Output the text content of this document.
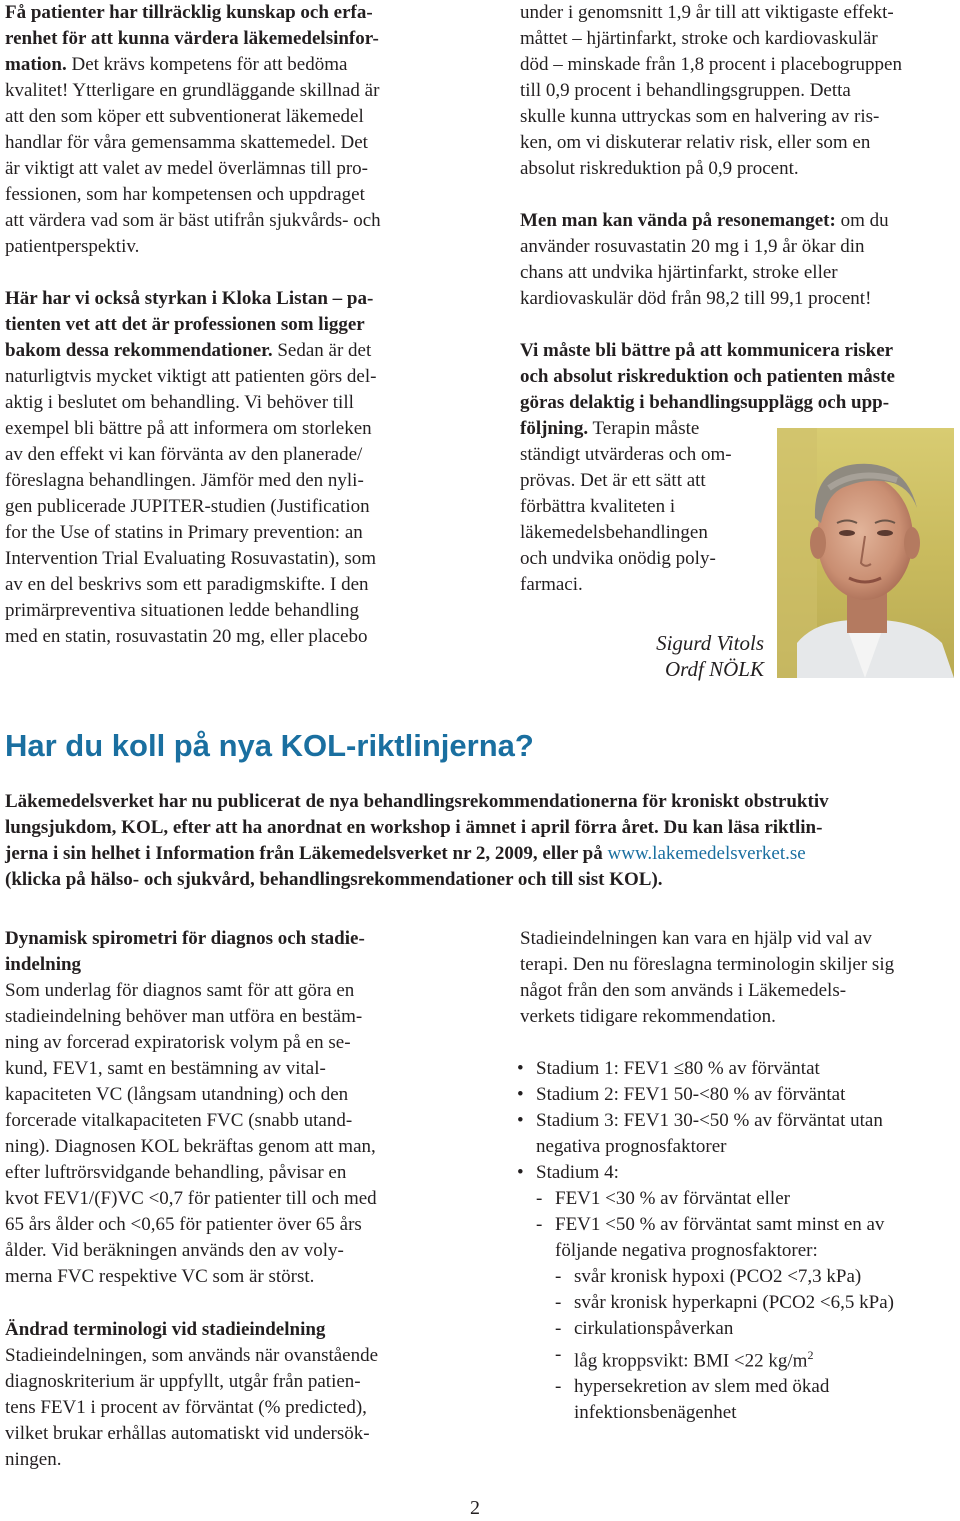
Få patienter har tillräcklig kunskap och erfa-
renhet för att kunna värdera läkemedelsinfor-
mation. Det krävs kompetens för att bedöma
kvalitet! Ytterligare en grundläggande skillnad är
att den som köper ett subventionerat läkemedel
handlar för våra gemensamma skattemedel. Det
är viktigt att valet av medel överlämnas till pro-
fessionen, som har kompetensen och uppdraget
att värdera vad som är bäst utifrån sjukvårds- och
patientperspektiv.
Här har vi också styrkan i Kloka Listan – pa-
tienten vet att det är professionen som ligger
bakom dessa rekommendationer. Sedan är det
naturligtvis mycket viktigt att patienten görs del-
aktig i beslutet om behandling. Vi behöver till
exempel bli bättre på att informera om storleken
av den effekt vi kan förvänta av den planerade/
föreslagna behandlingen. Jämför med den nyli-
gen publicerade JUPITER-studien (Justification
for the Use of statins in Primary prevention: an
Intervention Trial Evaluating Rosuvastatin), som
av en del beskrivs som ett paradigmskifte. I den
primärpreventiva situationen ledde behandling
med en statin, rosuvastatin 20 mg, eller placebo
under i genomsnitt 1,9 år till att viktigaste effekt-
måttet – hjärtinfarkt, stroke och kardiovaskulär
död – minskade från 1,8 procent i placebogruppen
till 0,9 procent i behandlingsgruppen. Detta
skulle kunna uttryckas som en halvering av ris-
ken, om vi diskuterar relativ risk, eller som en
absolut riskreduktion på 0,9 procent.
Men man kan vända på resonemanget: om du
använder rosuvastatin 20 mg i 1,9 år ökar din
chans att undvika hjärtinfarkt, stroke eller
kardiovaskulär död från 98,2 till 99,1 procent!
Vi måste bli bättre på att kommunicera risker
och absolut riskreduktion och patienten måste
göras delaktig i behandlingsupplägg och upp-
följning. Terapin måste
ständigt utvärderas och om-
prövas. Det är ett sätt att
förbättra kvaliteten i
läkemedelsbehandlingen
och undvika onödig poly-
farmaci.
Sigurd Vitols
Ordf NÖLK
Har du koll på nya KOL-riktlinjerna?
Läkemedelsverket har nu publicerat de nya behandlingsrekommendationerna för kroniskt obstruktiv
lungsjukdom, KOL, efter att ha anordnat en workshop i ämnet i april förra året. Du kan läsa riktlin-
jerna i sin helhet i Information från Läkemedelsverket nr 2, 2009, eller på www.lakemedelsverket.se
(klicka på hälso- och sjukvård, behandlingsrekommendationer och till sist KOL).
Dynamisk spirometri för diagnos och stadie-
indelning
Som underlag för diagnos samt för att göra en
stadieindelning behöver man utföra en bestäm-
ning av forcerad expiratorisk volym på en se-
kund, FEV1, samt en bestämning av vital-
kapaciteten VC (långsam utandning) och den
forcerade vitalkapaciteten FVC (snabb utand-
ning). Diagnosen KOL bekräftas genom att man,
efter luftrörsvidgande behandling, påvisar en
kvot FEV1/(F)VC <0,7 för patienter till och med
65 års ålder och <0,65 för patienter över 65 års
ålder. Vid beräkningen används den av voly-
merna FVC respektive VC som är störst.
Ändrad terminologi vid stadieindelning
Stadieindelningen, som används när ovanstående
diagnoskriterium är uppfyllt, utgår från patien-
tens FEV1 i procent av förväntat (% predicted),
vilket brukar erhållas automatiskt vid undersök-
ningen.
Stadieindelningen kan vara en hjälp vid val av
terapi. Den nu föreslagna terminologin skiljer sig
något från den som används i Läkemedels-
verkets tidigare rekommendation.
• Stadium 1: FEV1 ≤80 % av förväntat
• Stadium 2: FEV1 50-<80 % av förväntat
• Stadium 3: FEV1 30-<50 % av förväntat utan
negativa prognosfaktorer
• Stadium 4:
- FEV1 <30 % av förväntat eller
- FEV1 <50 % av förväntat samt minst en av
följande negativa prognosfaktorer:
- svår kronisk hypoxi (PCO2 <7,3 kPa)
- svår kronisk hyperkapni (PCO2 <6,5 kPa)
- cirkulationspåverkan
- låg kroppsvikt: BMI <22 $kg/m^2$
- hypersekretion av slem med ökad
infektionsbenägenhet
2
